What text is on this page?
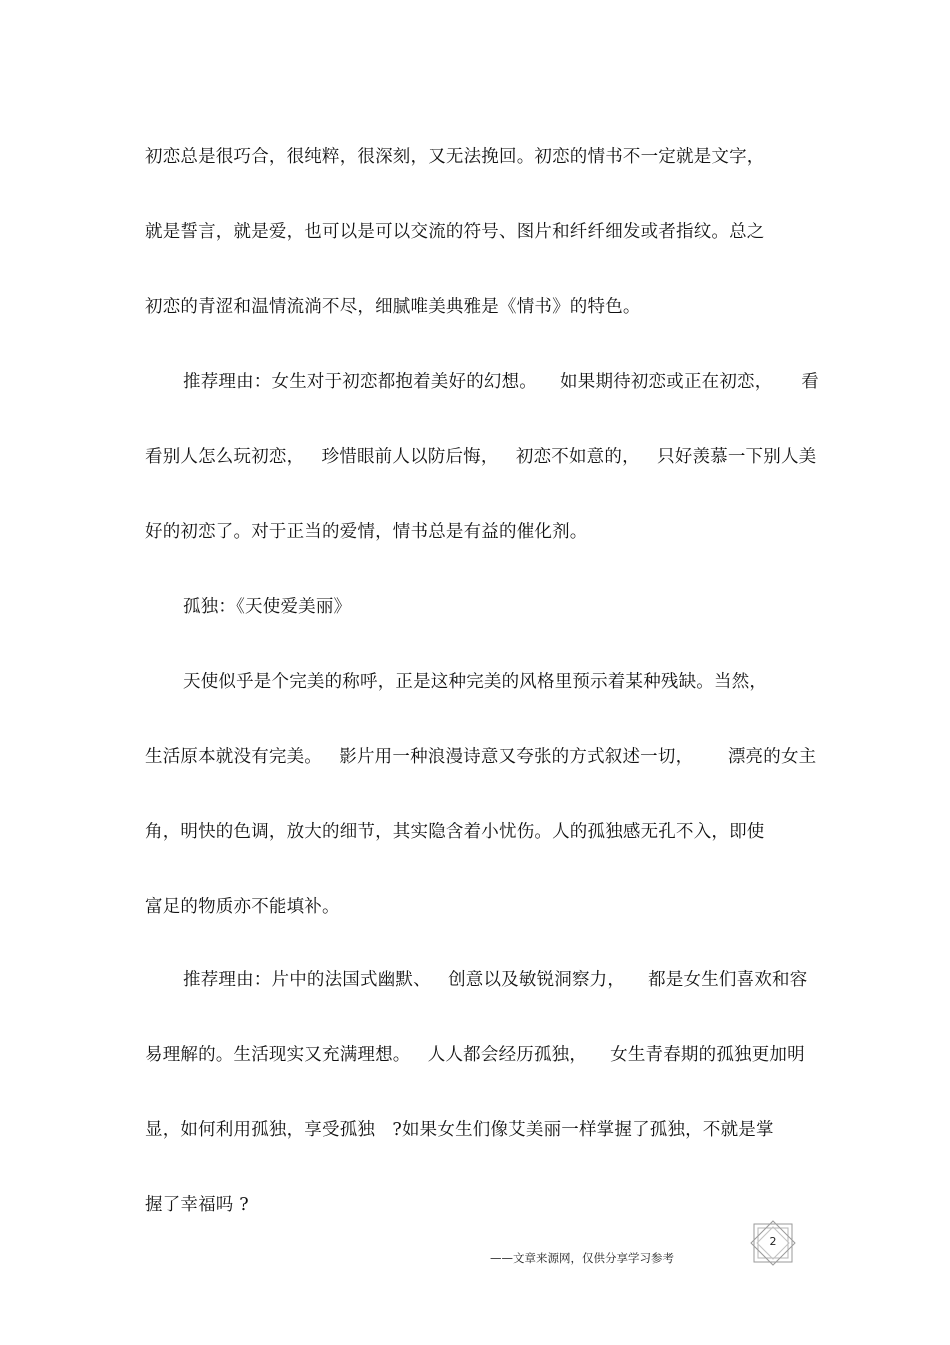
初恋总是很巧合，很纯粹，很深刻，又无法挽回。初恋的情书不一定就是文字，
就是誓言，就是爱，也可以是可以交流的符号、图片和纤纤细发或者指纹。总之
初恋的青涩和温情流淌不尽，细腻唯美典雅是《情书》的特色。
推荐理由：女生对于初恋都抱着美好的幻想。    如果期待初恋或正在初恋，     看
看别人怎么玩初恋，   珍惜眼前人以防后悔，   初恋不如意的，   只好羡慕一下别人美
好的初恋了。对于正当的爱情，情书总是有益的催化剂。
孤独：《天使爱美丽》
天使似乎是个完美的称呼，正是这种完美的风格里预示着某种残缺。当然，
生活原本就没有完美。   影片用一种浪漫诗意又夸张的方式叙述一切，      漂亮的女主
角，明快的色调，放大的细节，其实隐含着小忧伤。人的孤独感无孔不入，即使
富足的物质亦不能填补。
推荐理由：片中的法国式幽默、   创意以及敏锐洞察力，    都是女生们喜欢和容
易理解的。生活现实又充满理想。   人人都会经历孤独，    女生青春期的孤独更加明
显，如何利用孤独，享受孤独   ?如果女生们像艾美丽一样掌握了孤独，不就是掌
握了幸福吗 ?
——文章来源网，仅供分享学习参考
2
